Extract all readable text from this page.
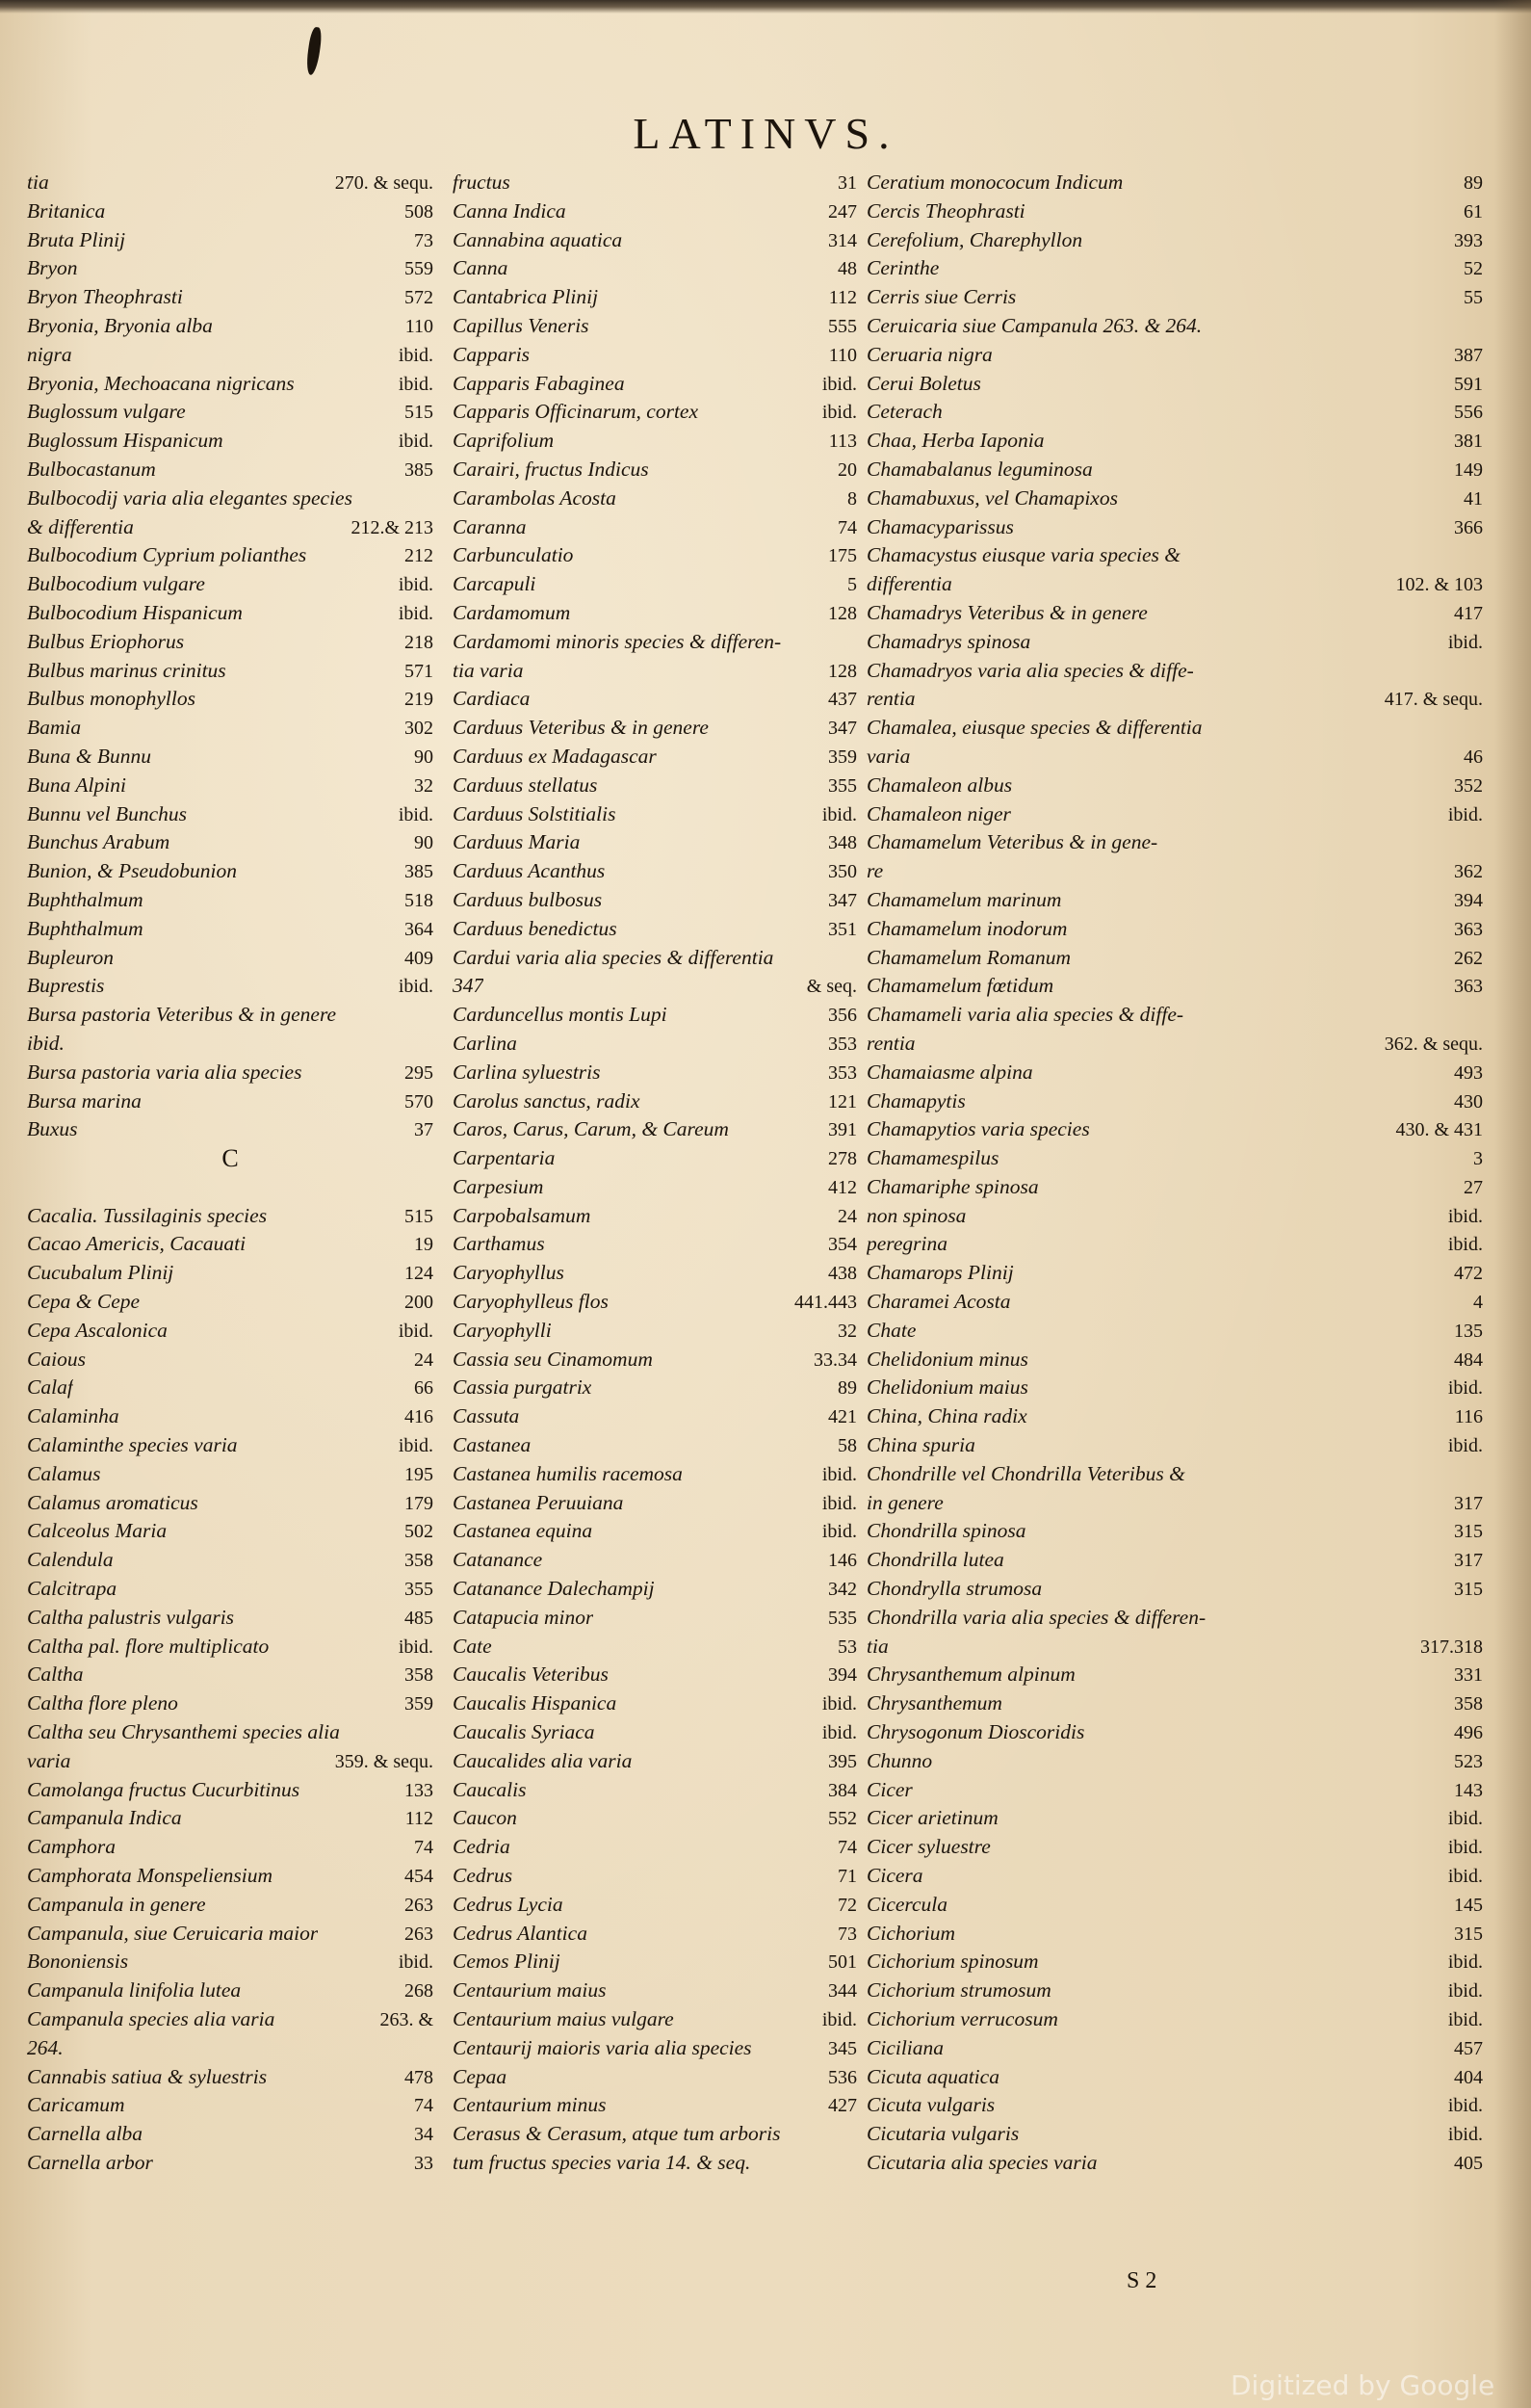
LATINVS.
tia	270. & sequ.
Britanica	508
Bruta Plinij	73
Bryon	559
Bryon Theophrasti	572
Bryonia, Bryonia alba	110
nigra	ibid.
Bryonia, Mechoacana nigricans	ibid.
Buglossum vulgare	515
Buglossum Hispanicum	ibid.
Bulbocastanum	385
Bulbocodij varia alia elegantes species
& differentia	212.& 213
Bulbocodium Cyprium polianthes	212
Bulbocodium vulgare	ibid.
Bulbocodium Hispanicum	ibid.
Bulbus Eriophorus	218
Bulbus marinus crinitus	571
Bulbus monophyllos	219
Bamia	302
Buna & Bunnu	90
Buna Alpini	32
Bunnu vel Bunchus	ibid.
Bunchus Arabum	90
Bunion, & Pseudobunion	385
Buphthalmum	518
Buphthalmum	364
Bupleuron	409
Buprestis	ibid.
Bursa pastoria Veteribus & in genere
ibid.
Bursa pastoria varia alia species	295
Bursa marina	570
Buxus	37
C
Cacalia. Tussilaginis species	515
Cacao Americis, Cacauati	19
Cucubalum Plinij	124
Cepa & Cepe	200
Cepa Ascalonica	ibid.
Caious	24
Calaf	66
Calaminha	416
Calaminthe species varia	ibid.
Calamus	195
Calamus aromaticus	179
Calceolus Maria	502
Calendula	358
Calcitrapa	355
Caltha palustris vulgaris	485
Caltha pal. flore multiplicato	ibid.
Caltha	358
Caltha flore pleno	359
Caltha seu Chrysanthemi species alia
varia	359. & sequ.
Camolanga fructus Cucurbitinus	133
Campanula Indica	112
Camphora	74
Camphorata Monspeliensium	454
Campanula in genere	263
Campanula, siue Ceruicaria maior	263
Bononiensis	ibid.
Campanula linifolia lutea	268
Campanula species alia varia	263. &
264.
Cannabis satiua & syluestris	478
Caricamum	74
Carnella alba	34
Carnella arbor	33
fructus	31
Canna Indica	247
Cannabina aquatica	314
Canna	48
Cantabrica Plinij	112
Capillus Veneris	555
Capparis	110
Capparis Fabaginea	ibid.
Capparis Officinarum, cortex	ibid.
Caprifolium	113
Carairi, fructus Indicus	20
Carambolas Acosta	8
Caranna	74
Carbunculatio	175
Carcapuli	5
Cardamomum	128
Cardamomi minoris species & differen-
tia varia	128
Cardiaca	437
Carduus Veteribus & in genere	347
Carduus ex Madagascar	359
Carduus stellatus	355
Carduus Solstitialis	ibid.
Carduus Maria	348
Carduus Acanthus	350
Carduus bulbosus	347
Carduus benedictus	351
Cardui varia alia species & differentia
347	& seq.
Carduncellus montis Lupi	356
Carlina	353
Carlina syluestris	353
Carolus sanctus, radix	121
Caros, Carus, Carum, & Careum	391
Carpentaria	278
Carpesium	412
Carpobalsamum	24
Carthamus	354
Caryophyllus	438
Caryophylleus flos	441.443
Caryophylli	32
Cassia seu Cinamomum	33.34
Cassia purgatrix	89
Cassuta	421
Castanea	58
Castanea humilis racemosa	ibid.
Castanea Peruuiana	ibid.
Castanea equina	ibid.
Catanance	146
Catanance Dalechampij	342
Catapucia minor	535
Cate	53
Caucalis Veteribus	394
Caucalis Hispanica	ibid.
Caucalis Syriaca	ibid.
Caucalides alia varia	395
Caucalis	384
Caucon	552
Cedria	74
Cedrus	71
Cedrus Lycia	72
Cedrus Alantica	73
Cemos Plinij	501
Centaurium maius	344
Centaurium maius vulgare	ibid.
Centaurij maioris varia alia species	345
Cepaa	536
Centaurium minus	427
Cerasus & Cerasum, atque tum arboris
tum fructus species varia 14. & seq.
Ceratium monococum Indicum	89
Cercis Theophrasti	61
Cerefolium, Charephyllon	393
Cerinthe	52
Cerris siue Cerris	55
Ceruicaria siue Campanula 263. & 264.
Ceruaria nigra	387
Cerui Boletus	591
Ceterach	556
Chaa, Herba Iaponia	381
Chamabalanus leguminosa	149
Chamabuxus, vel Chamapixos	41
Chamacyparissus	366
Chamacystus eiusque varia species &
differentia	102. & 103
Chamadrys Veteribus & in genere	417
Chamadrys spinosa	ibid.
Chamadryos varia alia species & diffe-
rentia	417. & sequ.
Chamalea, eiusque species & differentia
varia	46
Chamaleon albus	352
Chamaleon niger	ibid.
Chamamelum Veteribus & in gene-
re	362
Chamamelum marinum	394
Chamamelum inodorum	363
Chamamelum Romanum	262
Chamamelum fœtidum	363
Chamameli varia alia species & diffe-
rentia	362. & sequ.
Chamaiasme alpina	493
Chamapytis	430
Chamapytios varia species	430. & 431
Chamamespilus	3
Chamariphe spinosa	27
non spinosa	ibid.
peregrina	ibid.
Chamarops Plinij	472
Charamei Acosta	4
Chate	135
Chelidonium minus	484
Chelidonium maius	ibid.
China, China radix	116
China spuria	ibid.
Chondrille vel Chondrilla Veteribus &
in genere	317
Chondrilla spinosa	315
Chondrilla lutea	317
Chondrylla strumosa	315
Chondrilla varia alia species & differen-
tia	317.318
Chrysanthemum alpinum	331
Chrysanthemum	358
Chrysogonum Dioscoridis	496
Chunno	523
Cicer	143
Cicer arietinum	ibid.
Cicer syluestre	ibid.
Cicera	ibid.
Cicercula	145
Cichorium	315
Cichorium spinosum	ibid.
Cichorium strumosum	ibid.
Cichorium verrucosum	ibid.
Ciciliana	457
Cicuta aquatica	404
Cicuta vulgaris	ibid.
Cicutaria vulgaris	ibid.
Cicutaria alia species varia	405
S 2
Digitized by Google
